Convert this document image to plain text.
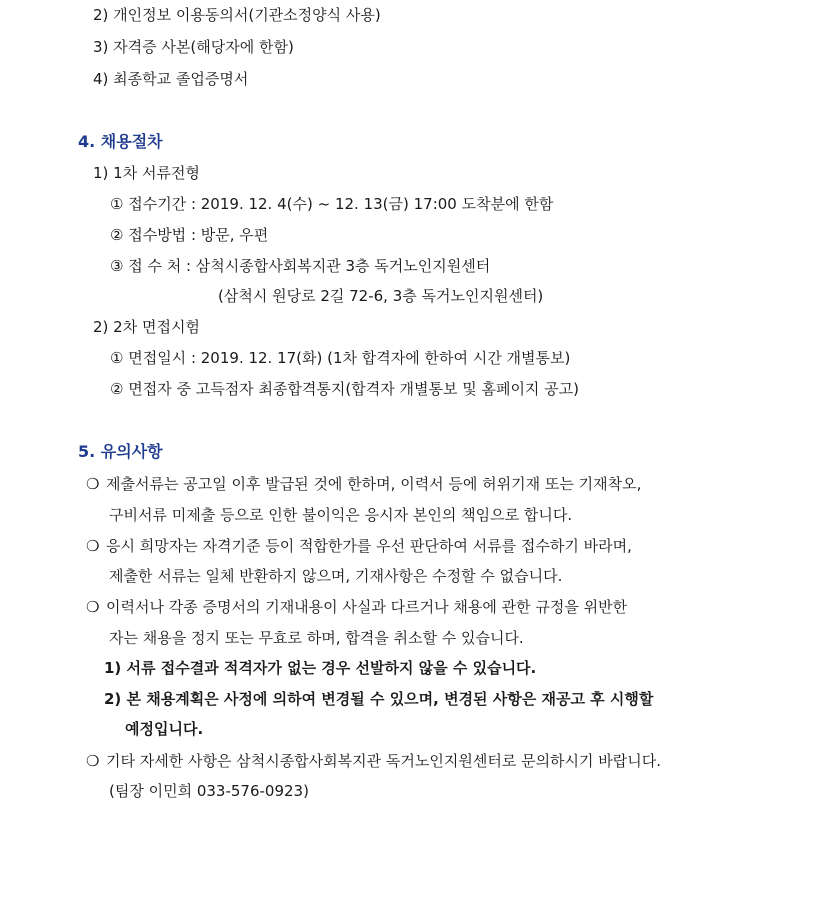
2) 개인정보 이용동의서(기관소정양식 사용)
3) 자격증 사본(해당자에 한함)
4) 최종학교 졸업증명서
4. 채용절차
1) 1차 서류전형
① 접수기간 : 2019. 12. 4(수) ~ 12. 13(금) 17:00 도착분에 한함
② 접수방법 : 방문, 우편
③ 접 수 처 : 삼척시종합사회복지관 3층 독거노인지원센터
(삼척시 원당로 2길 72-6, 3층 독거노인지원센터)
2) 2차 면접시험
① 면접일시 : 2019. 12. 17(화) (1차 합격자에 한하여 시간 개별통보)
② 면접자 중 고득점자 최종합격통지(합격자 개별통보 및 홈페이지 공고)
5. 유의사항
❍ 제출서류는 공고일 이후 발급된 것에 한하며, 이력서 등에 허위기재 또는 기재착오,
구비서류 미제출 등으로 인한 불이익은 응시자 본인의 책임으로 합니다.
❍ 응시 희망자는 자격기준 등이 적합한가를 우선 판단하여 서류를 접수하기 바라며,
제출한 서류는 일체 반환하지 않으며, 기재사항은 수정할 수 없습니다.
❍ 이력서나 각종 증명서의 기재내용이 사실과 다르거나 채용에 관한 규정을 위반한
자는 채용을 정지 또는 무효로 하며, 합격을 취소할 수 있습니다.
1) 서류 접수결과 적격자가 없는 경우 선발하지 않을 수 있습니다.
2) 본 채용계획은 사정에 의하여 변경될 수 있으며, 변경된 사항은 재공고 후 시행할
예정입니다.
❍ 기타 자세한 사항은 삼척시종합사회복지관 독거노인지원센터로 문의하시기 바랍니다.
(팀장 이민희 033-576-0923)
